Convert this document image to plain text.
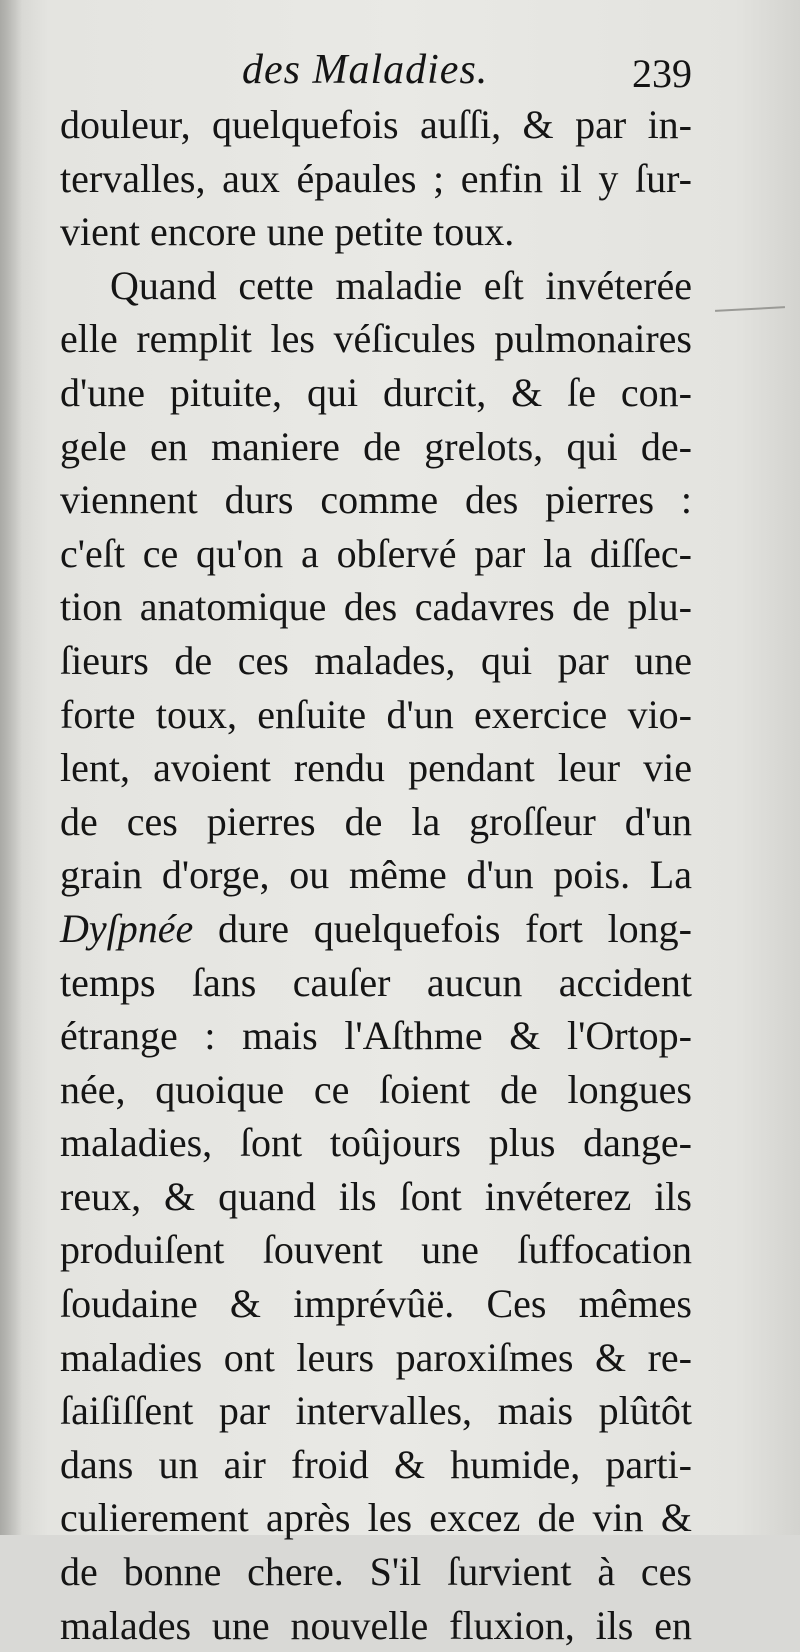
des Maladies.	239
douleur, quelquefois auſſi, & par in-
tervalles, aux épaules ; enfin il y ſur-
vient encore une petite toux.
Quand cette maladie eſt invéterée
elle remplit les véſicules pulmonaires
d'une pituite, qui durcit, & ſe con-
gele en maniere de grelots, qui de-
viennent durs comme des pierres :
c'eſt ce qu'on a obſervé par la diſſec-
tion anatomique des cadavres de plu-
ſieurs de ces malades, qui par une
forte toux, enſuite d'un exercice vio-
lent, avoient rendu pendant leur vie
de ces pierres de la groſſeur d'un
grain d'orge, ou même d'un pois. La
Dyſpnée dure quelquefois fort long-
temps ſans cauſer aucun accident
étrange : mais l'Aſthme & l'Ortop-
née, quoique ce ſoient de longues
maladies, ſont toûjours plus dange-
reux, & quand ils ſont invéterez ils
produiſent ſouvent une ſuffocation
ſoudaine & imprévûë. Ces mêmes
maladies ont leurs paroxiſmes & re-
ſaiſiſſent par intervalles, mais plûtôt
dans un air froid & humide, parti-
culierement après les excez de vin &
de bonne chere. S'il ſurvient à ces
malades une nouvelle fluxion, ils en
